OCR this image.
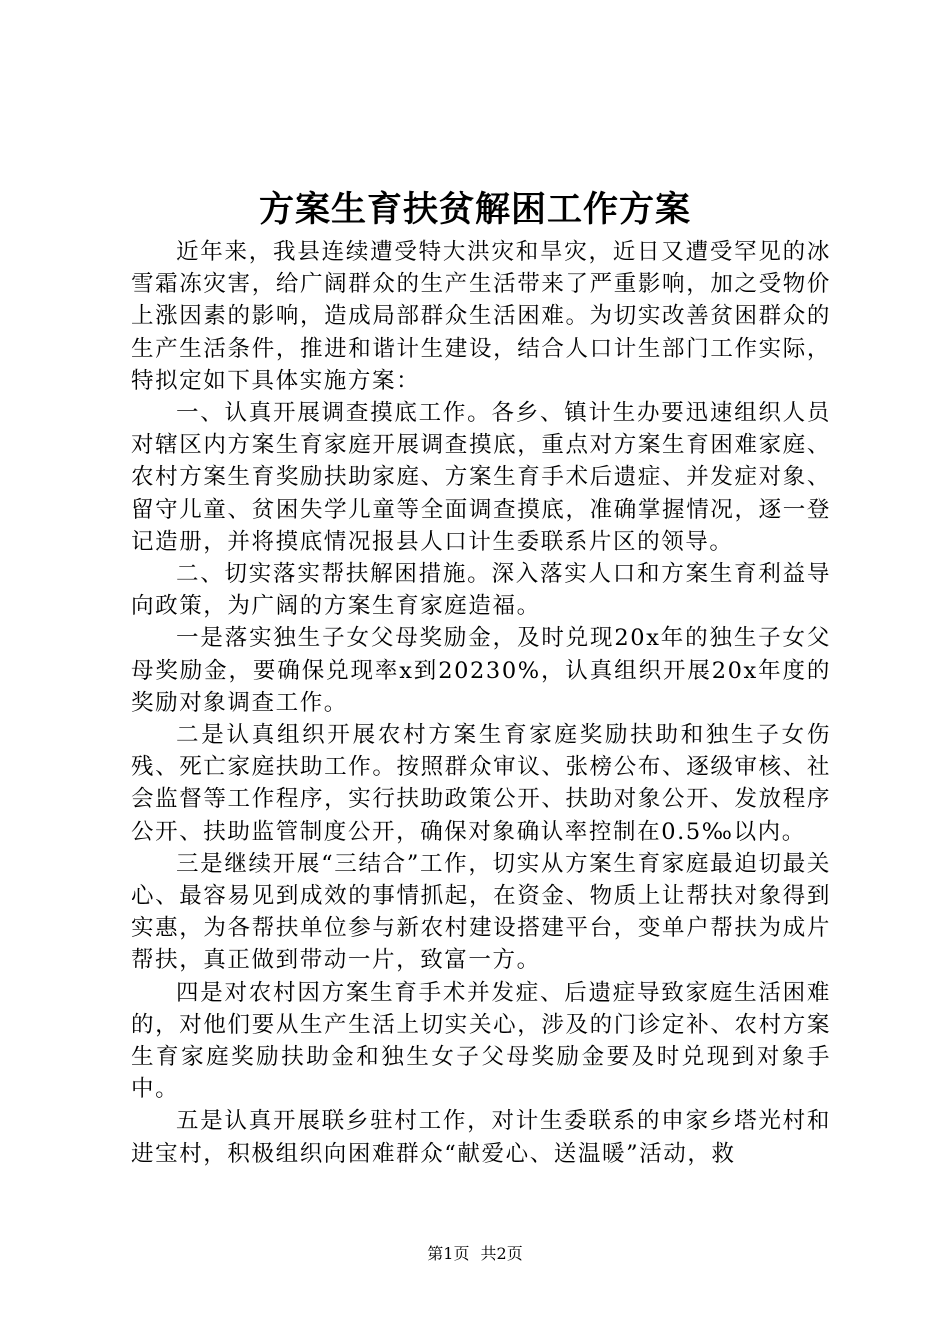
方案生育扶贫解困工作方案

近年来，我县连续遭受特大洪灾和旱灾，近日又遭受罕见的冰雪霜冻灾害，给广阔群众的生产生活带来了严重影响，加之受物价上涨因素的影响，造成局部群众生活困难。为切实改善贫困群众的生产生活条件，推进和谐计生建设，结合人口计生部门工作实际，特拟定如下具体实施方案：

一、认真开展调查摸底工作。各乡、镇计生办要迅速组织人员对辖区内方案生育家庭开展调查摸底，重点对方案生育困难家庭、农村方案生育奖励扶助家庭、方案生育手术后遗症、并发症对象、留守儿童、贫困失学儿童等全面调查摸底，准确掌握情况，逐一登记造册，并将摸底情况报县人口计生委联系片区的领导。

二、切实落实帮扶解困措施。深入落实人口和方案生育利益导向政策，为广阔的方案生育家庭造福。

一是落实独生子女父母奖励金，及时兑现20x年的独生子女父母奖励金，要确保兑现率x到20230%，认真组织开展20x年度的奖励对象调查工作。

二是认真组织开展农村方案生育家庭奖励扶助和独生子女伤残、死亡家庭扶助工作。按照群众审议、张榜公布、逐级审核、社会监督等工作程序，实行扶助政策公开、扶助对象公开、发放程序公开、扶助监管制度公开，确保对象确认率控制在0.5‰以内。

三是继续开展“三结合”工作，切实从方案生育家庭最迫切最关心、最容易见到成效的事情抓起，在资金、物质上让帮扶对象得到实惠，为各帮扶单位参与新农村建设搭建平台，变单户帮扶为成片帮扶，真正做到带动一片，致富一方。

四是对农村因方案生育手术并发症、后遗症导致家庭生活困难的，对他们要从生产生活上切实关心，涉及的门诊定补、农村方案生育家庭奖励扶助金和独生女子父母奖励金要及时兑现到对象手中。

五是认真开展联乡驻村工作，对计生委联系的申家乡塔光村和进宝村，积极组织向困难群众“献爱心、送温暖”活动，救

第1页 共2页
